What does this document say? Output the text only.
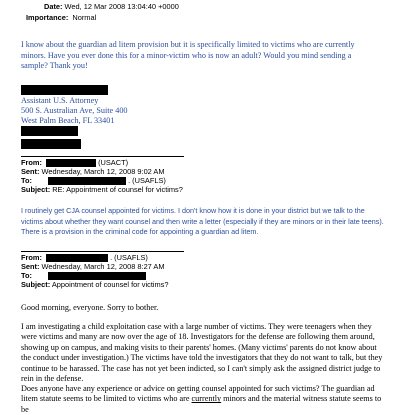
Date: Wed, 12 Mar 2008 13:04:40 +0000
Importance: Normal
I know about the guardian ad litem provision but it is specifically limited to victims who are currently minors. Have you ever done this for a minor-victim who is now an adult? Would you mind sending a sample? Thank you!
Assistant U.S. Attorney
500 S. Australian Ave, Suite 400
West Palm Beach, FL 33401
From:	(USACT)
Sent: Wednesday, March 12, 2008 9:02 AM
To:	. (USAFLS)
Subject: RE: Appointment of counsel for victims?
I routinely get CJA counsel appointed for victims. I don't know how it is done in your district but we talk to the victims about whether they want counsel and then write a letter (especially if they are minors or in their late teens). There is a provision in the criminal code for appointing a guardian ad litem.
From:	. (USAFLS)
Sent: Wednesday, March 12, 2008 8:27 AM
To:
Subject: Appointment of counsel for victims?
Good morning, everyone. Sorry to bother.
I am investigating a child exploitation case with a large number of victims. They were teenagers when they were victims and many are now over the age of 18. Investigators for the defense are following them around, showing up on campus, and making visits to their parents' homes. (Many victims' parents do not know about the conduct under investigation.) The victims have told the investigators that they do not want to talk, but they continue to be harassed. The case has not yet been indicted, so I can't simply ask the assigned district judge to rein in the defense.
Does anyone have any experience or advice on getting counsel appointed for such victims? The guardian ad litem statute seems to be limited to victims who are currently minors and the material witness statute seems to be
